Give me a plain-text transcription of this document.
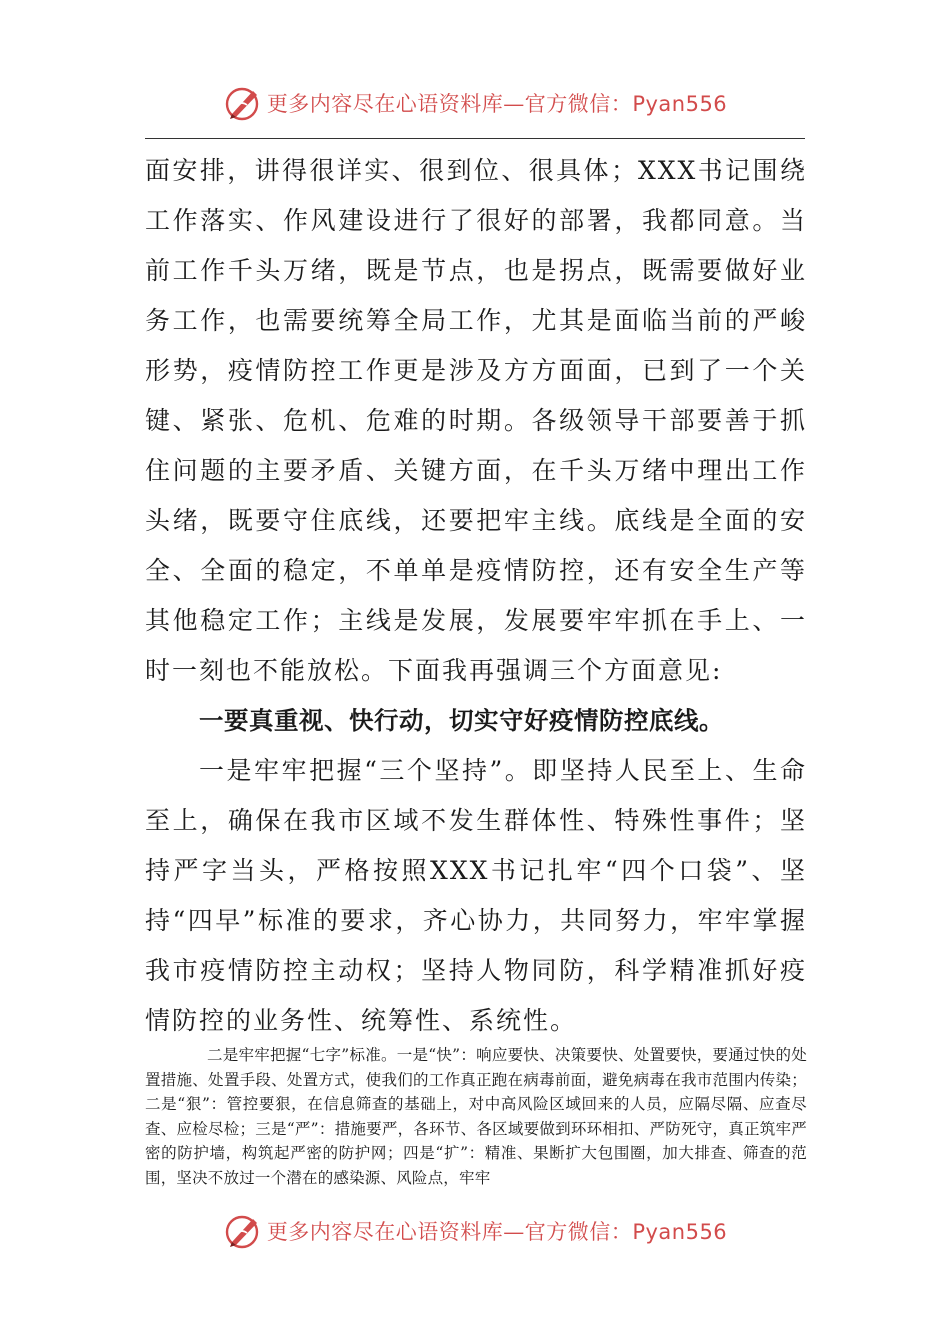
更多内容尽在心语资料库—官方微信：Pyan556

面安排，讲得很详实、很到位、很具体；XXX书记围绕工作落实、作风建设进行了很好的部署，我都同意。当前工作千头万绪，既是节点，也是拐点，既需要做好业务工作，也需要统筹全局工作，尤其是面临当前的严峻形势，疫情防控工作更是涉及方方面面，已到了一个关键、紧张、危机、危难的时期。各级领导干部要善于抓住问题的主要矛盾、关键方面，在千头万绪中理出工作头绪，既要守住底线，还要把牢主线。底线是全面的安全、全面的稳定，不单单是疫情防控，还有安全生产等其他稳定工作；主线是发展，发展要牢牢抓在手上、一时一刻也不能放松。下面我再强调三个方面意见:

一要真重视、快行动，切实守好疫情防控底线。

一是牢牢把握“三个坚持”。即坚持人民至上、生命至上，确保在我市区域不发生群体性、特殊性事件；坚持严字当头，严格按照XXX书记扎牢“四个口袋”、坚持“四早”标准的要求，齐心协力，共同努力，牢牢掌握我市疫情防控主动权；坚持人物同防，科学精准抓好疫情防控的业务性、统筹性、系统性。

二是牢牢把握“七字”标准。一是“快”：响应要快、决策要快、处置要快，要通过快的处置措施、处置手段、处置方式，使我们的工作真正跑在病毒前面，避免病毒在我市范围内传染；二是“狠”：管控要狠，在信息筛查的基础上，对中高风险区域回来的人员，应隔尽隔、应查尽查、应检尽检；三是“严”：措施要严，各环节、各区域要做到环环相扣、严防死守，真正筑牢严密的防护墙，构筑起严密的防护网；四是“扩”：精准、果断扩大包围圈，加大排查、筛查的范围，坚决不放过一个潜在的感染源、风险点，牢牢

更多内容尽在心语资料库—官方微信：Pyan556
